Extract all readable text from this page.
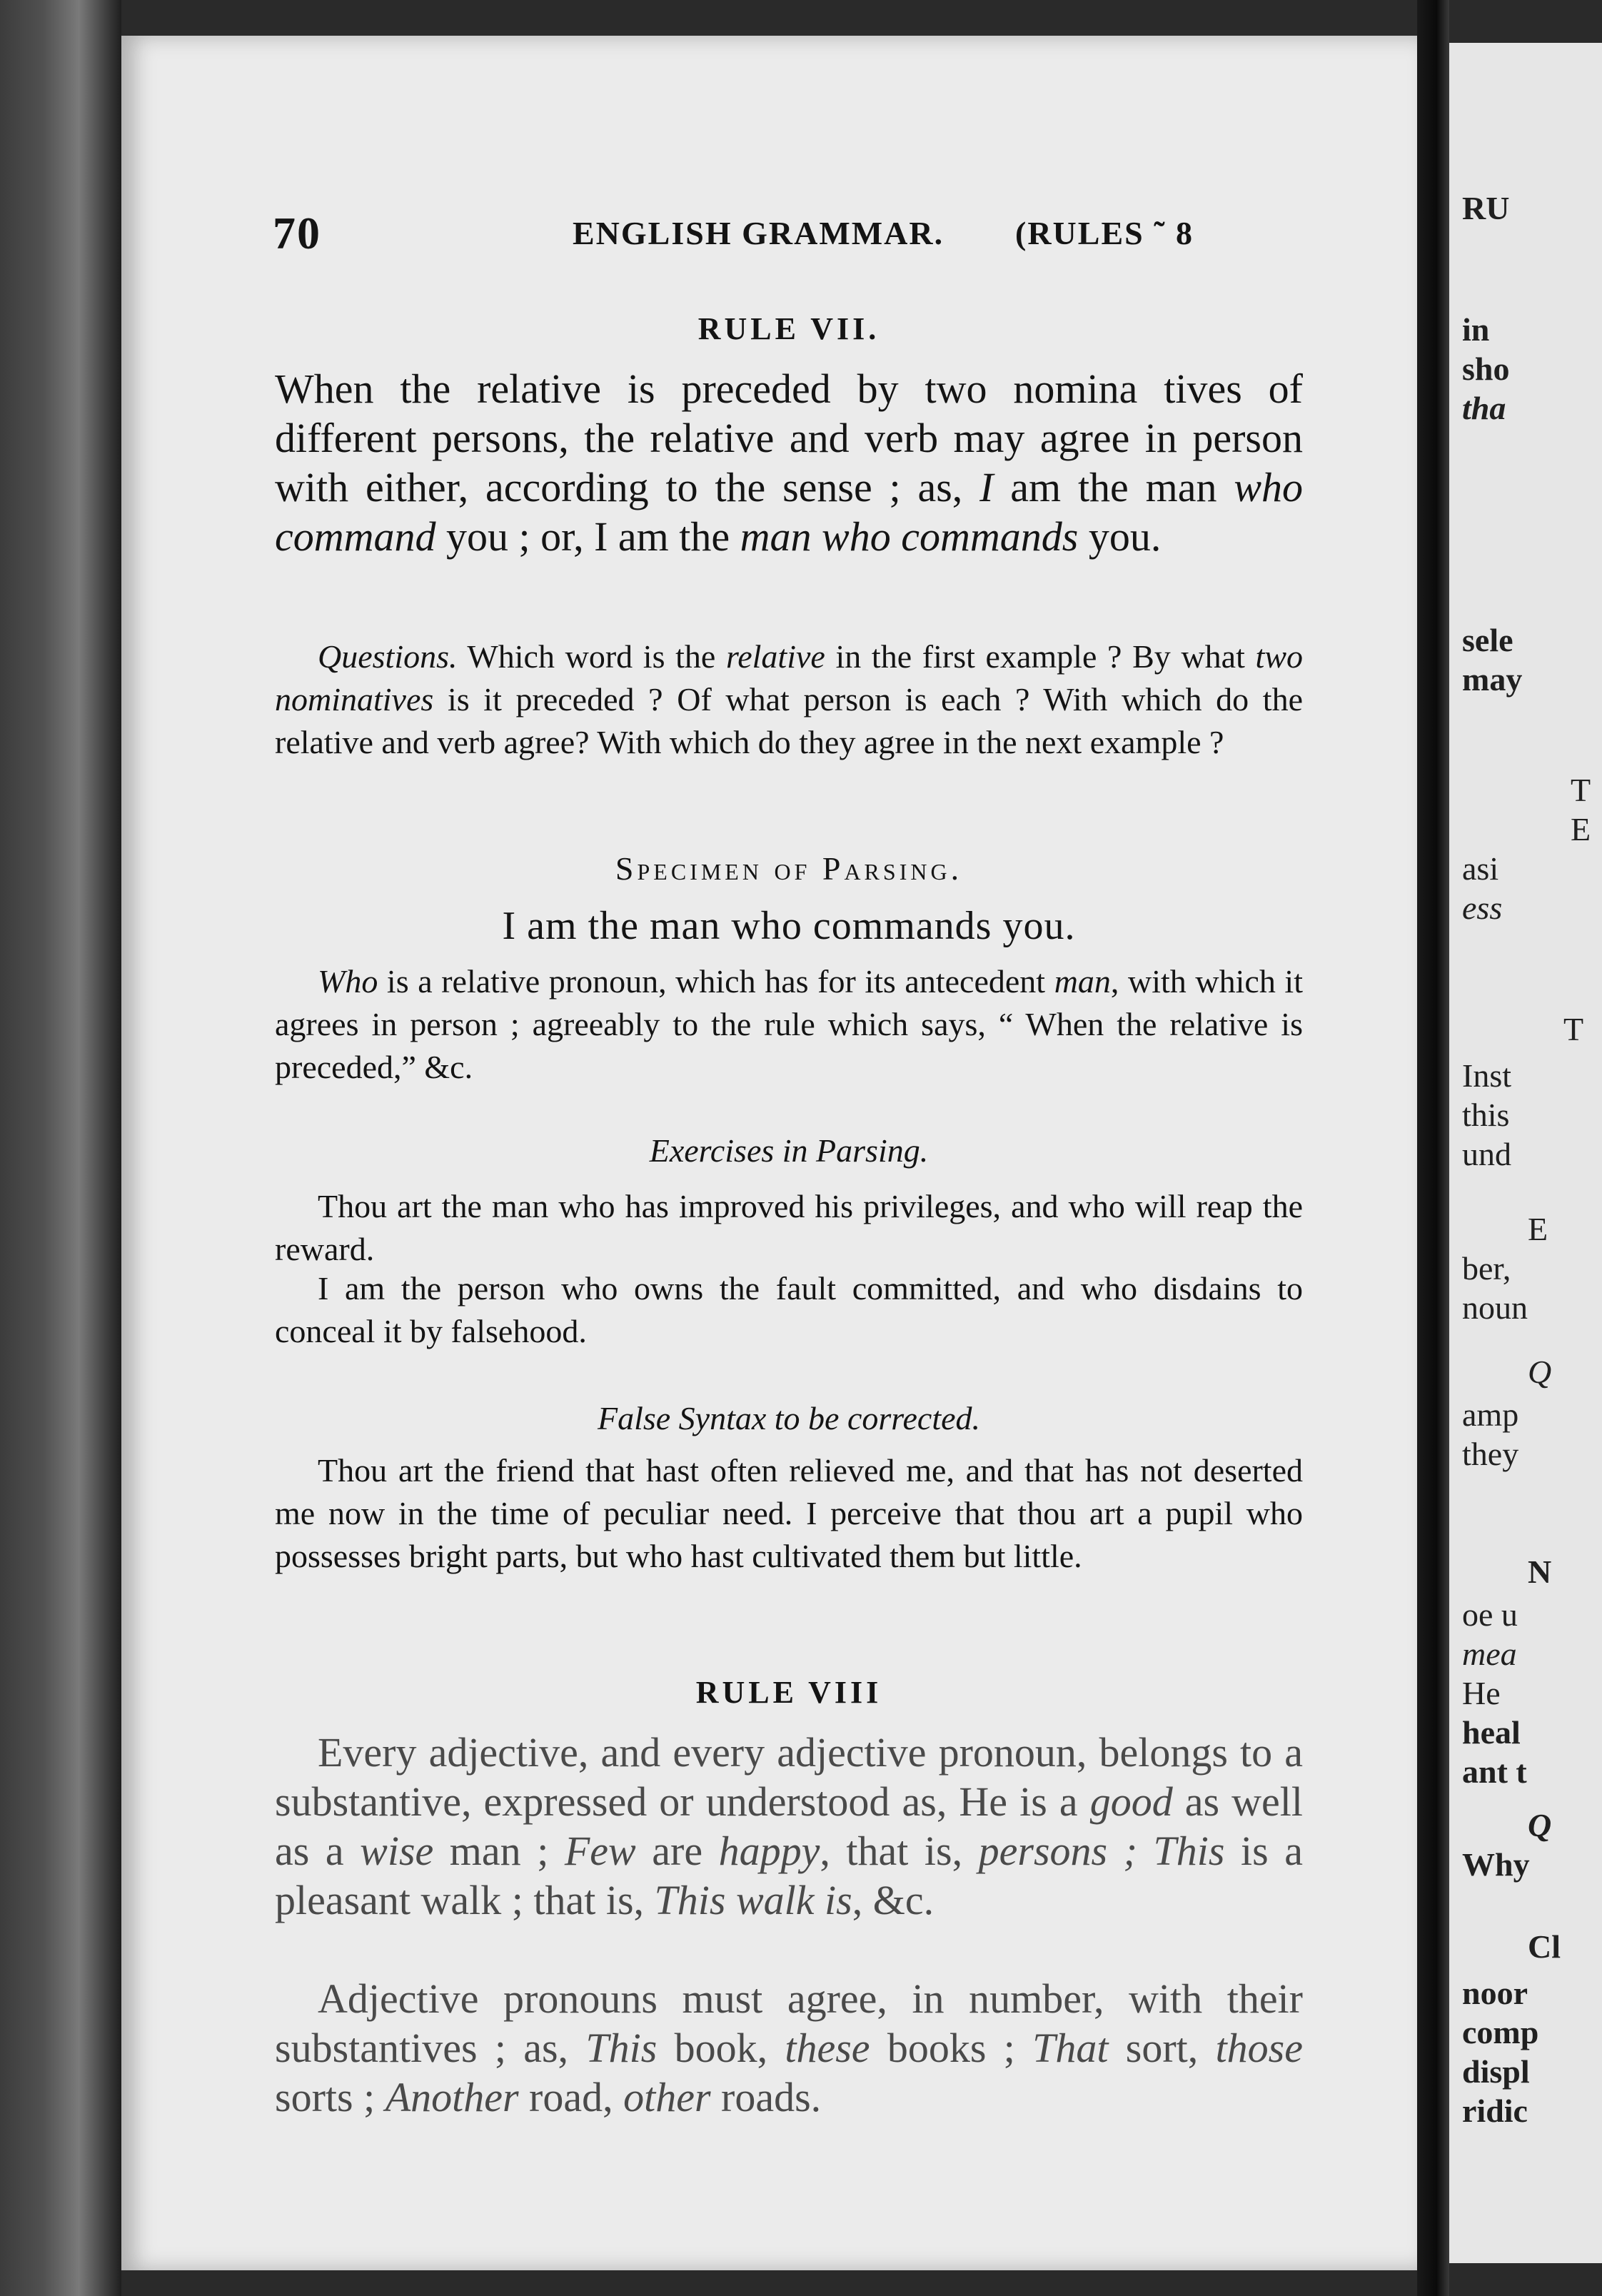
70	ENGLISH GRAMMAR. (RULES ˜ 8
RULE VII.
When the relative is preceded by two nomina tives of different persons, the relative and verb may agree in person with either, according to the sense ; as, I am the man who command you ; or, I am the man who commands you.
Questions. Which word is the relative in the first example ? By what two nominatives is it preceded ? Of what person is each ? With which do the relative and verb agree? With which do they agree in the next example ?
Specimen of Parsing.
I am the man who commands you.
Who is a relative pronoun, which has for its antecedent man, with which it agrees in person ; agreeably to the rule which says, “ When the relative is preceded,” &c.
Exercises in Parsing.
Thou art the man who has improved his privileges, and who will reap the reward.
I am the person who owns the fault committed, and who disdains to conceal it by falsehood.
False Syntax to be corrected.
Thou art the friend that hast often relieved me, and that has not deserted me now in the time of peculiar need. I perceive that thou art a pupil who possesses bright parts, but who hast cultivated them but little.
RULE VIII
Every adjective, and every adjective pronoun, belongs to a substantive, expressed or understood as, He is a good as well as a wise man ; Few are happy, that is, persons ; This is a pleasant walk ; that is, This walk is, &c.
Adjective pronouns must agree, in number, with their substantives ; as, This book, these books ; That sort, those sorts ; Another road, other roads.
RU
in
sho
tha
sele
may
T
E
asi
ess
T
Inst
this
und
E
ber,
noun
Q
amp
they
N
oe u
mea
He
heal
ant t
Q
Why
Cl
noor
comp
displ
ridic
